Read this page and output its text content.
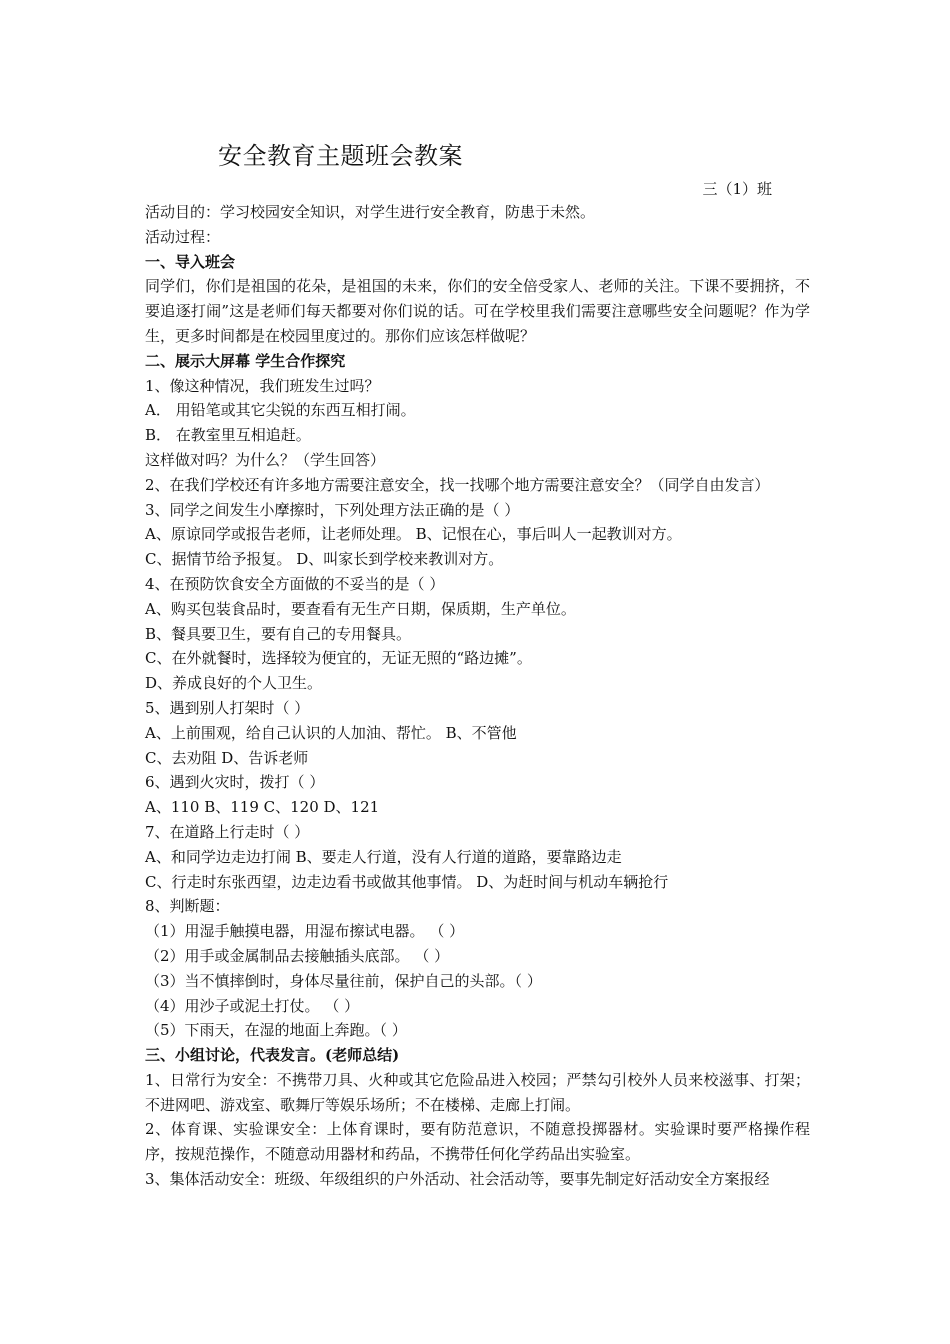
安全教育主题班会教案
三（1）班

活动目的：学习校园安全知识，对学生进行安全教育，防患于未然。

活动过程：

一、导入班会

同学们，你们是祖国的花朵，是祖国的未来，你们的安全倍受家人、老师的关注。下课不要拥挤，不要追逐打闹”这是老师们每天都要对你们说的话。可在学校里我们需要注意哪些安全问题呢？作为学生，更多时间都是在校园里度过的。那你们应该怎样做呢？

二、展示大屏幕 学生合作探究

1、像这种情况，我们班发生过吗？

A． 用铅笔或其它尖锐的东西互相打闹。

B． 在教室里互相追赶。

这样做对吗？为什么？（学生回答）

2、在我们学校还有许多地方需要注意安全，找一找哪个地方需要注意安全？（同学自由发言）

3、同学之间发生小摩擦时，下列处理方法正确的是（ ）

A、原谅同学或报告老师，让老师处理。 B、记恨在心，事后叫人一起教训对方。

C、据情节给予报复。 D、叫家长到学校来教训对方。

4、在预防饮食安全方面做的不妥当的是（ ）

A、购买包装食品时，要查看有无生产日期，保质期，生产单位。

B、餐具要卫生，要有自己的专用餐具。

C、在外就餐时，选择较为便宜的，无证无照的“路边摊”。

D、养成良好的个人卫生。

5、遇到别人打架时（ ）

A、上前围观，给自己认识的人加油、帮忙。 B、不管他

C、去劝阻 D、告诉老师

6、遇到火灾时，拨打（ ）

A、110 B、119 C、120 D、121

7、在道路上行走时（ ）

A、和同学边走边打闹 B、要走人行道，没有人行道的道路，要靠路边走

C、行走时东张西望，边走边看书或做其他事情。 D、为赶时间与机动车辆抢行

8、判断题：

（1）用湿手触摸电器，用湿布擦试电器。 （ ）

（2）用手或金属制品去接触插头底部。 （ ）

（3）当不慎摔倒时，身体尽量往前，保护自己的头部。（ ）

（4）用沙子或泥土打仗。 （ ）

（5）下雨天，在湿的地面上奔跑。（ ）

三、小组讨论，代表发言。(老师总结)

1、日常行为安全：不携带刀具、火种或其它危险品进入校园；严禁勾引校外人员来校滋事、打架；不进网吧、游戏室、歌舞厅等娱乐场所；不在楼梯、走廊上打闹。

2、体育课、实验课安全：上体育课时，要有防范意识，不随意投掷器材。实验课时要严格操作程序，按规范操作，不随意动用器材和药品，不携带任何化学药品出实验室。

3、集体活动安全：班级、年级组织的户外活动、社会活动等，要事先制定好活动安全方案报经
